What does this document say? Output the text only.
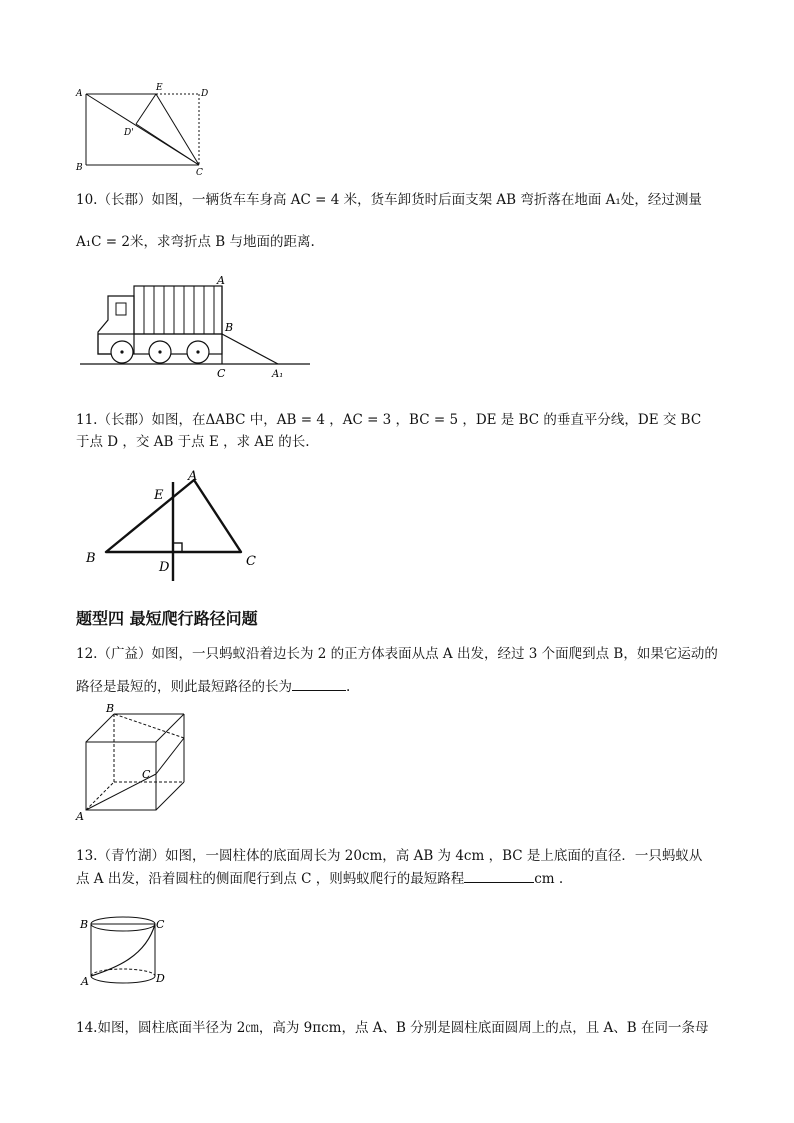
A
E
D
D'
B	C
10.（长郡）如图，一辆货车车身高 AC = 4 米，货车卸货时后面支架 AB 弯折落在地面 A₁处，经过测量
A₁C = 2米，求弯折点 B 与地面的距离.
A
B
C	A₁
11.（长郡）如图，在ΔABC 中，AB = 4 ，AC = 3 ，BC = 5 ，DE 是 BC 的垂直平分线，DE 交 BC
于点 D ，交 AB 于点 E ，求 AE 的长.
A
E
B
D	C
题型四 最短爬行路径问题
12.（广益）如图，一只蚂蚁沿着边长为 2 的正方体表面从点 A 出发，经过 3 个面爬到点 B，如果它运动的
路径是最短的，则此最短路径的长为	.
B
C
A
13.（青竹湖）如图，一圆柱体的底面周长为 20cm，高 AB 为 4cm ，BC 是上底面的直径．一只蚂蚁从
点 A 出发，沿着圆柱的侧面爬行到点 C ，则蚂蚁爬行的最短路程	cm .
B	C
A	D
14.如图，圆柱底面半径为 2㎝，高为 9πcm，点 A、B 分别是圆柱底面圆周上的点，且 A、B 在同一条母
